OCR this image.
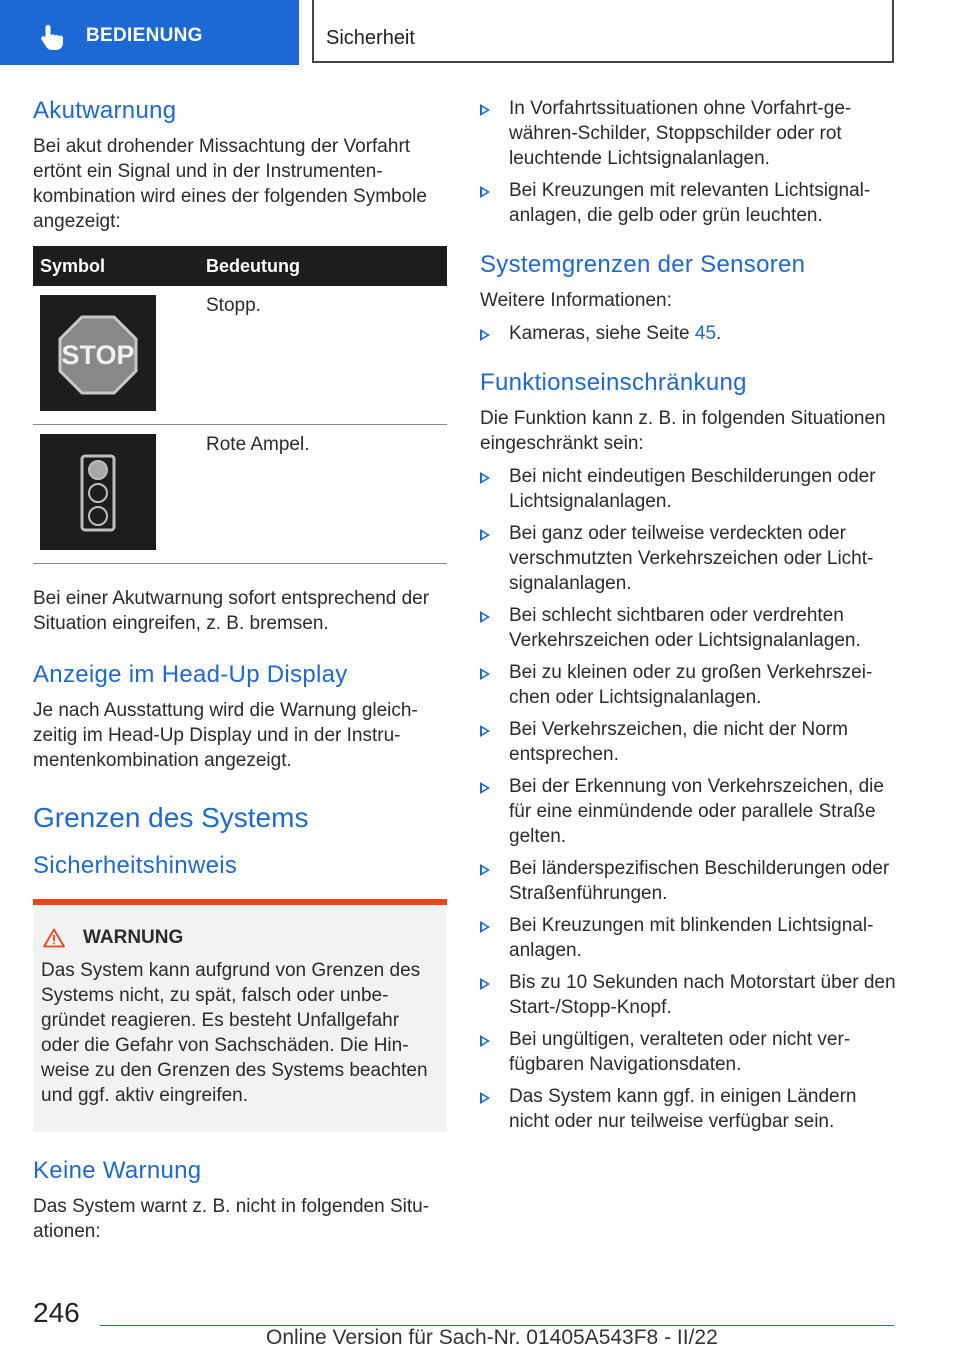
BEDIENUNG	Sicherheit
Akutwarnung

Bei akut drohender Missachtung der Vorfahrt ertönt ein Signal und in der Instrumentenkombination wird eines der folgenden Symbole angezeigt:

Symbol	Bedeutung

STOP	Stopp.

	Rote Ampel.

Bei einer Akutwarnung sofort entsprechend der Situation eingreifen, z. B. bremsen.

Anzeige im Head-Up Display

Je nach Ausstattung wird die Warnung gleichzeitig im Head-Up Display und in der Instrumentenkombination angezeigt.

Grenzen des Systems
Sicherheitshinweis
WARNUNG

Das System kann aufgrund von Grenzen des Systems nicht, zu spät, falsch oder unbegründet reagieren. Es besteht Unfallgefahr oder die Gefahr von Sachschäden. Die Hinweise zu den Grenzen des Systems beachten und ggf. aktiv eingreifen.

Keine Warnung

Das System warnt z. B. nicht in folgenden Situationen:

In Vorfahrtssituationen ohne Vorfahrt-gewähren-Schilder, Stoppschilder oder rot leuchtende Lichtsignalanlagen.
Bei Kreuzungen mit relevanten Lichtsignalanlagen, die gelb oder grün leuchten.
Systemgrenzen der Sensoren

Weitere Informationen:

Kameras, siehe Seite 45.
Funktionseinschränkung

Die Funktion kann z. B. in folgenden Situationen eingeschränkt sein:

Bei nicht eindeutigen Beschilderungen oder Lichtsignalanlagen.
Bei ganz oder teilweise verdeckten oder verschmutzten Verkehrszeichen oder Lichtsignalanlagen.
Bei schlecht sichtbaren oder verdrehten Verkehrszeichen oder Lichtsignalanlagen.
Bei zu kleinen oder zu großen Verkehrszeichen oder Lichtsignalanlagen.
Bei Verkehrszeichen, die nicht der Norm entsprechen.
Bei der Erkennung von Verkehrszeichen, die für eine einmündende oder parallele Straße gelten.
Bei länderspezifischen Beschilderungen oder Straßenführungen.
Bei Kreuzungen mit blinkenden Lichtsignalanlagen.
Bis zu 10 Sekunden nach Motorstart über den Start-/Stopp-Knopf.
Bei ungültigen, veralteten oder nicht verfügbaren Navigationsdaten.
Das System kann ggf. in einigen Ländern nicht oder nur teilweise verfügbar sein.
246
Online Version für Sach-Nr. 01405A543F8 - II/22
